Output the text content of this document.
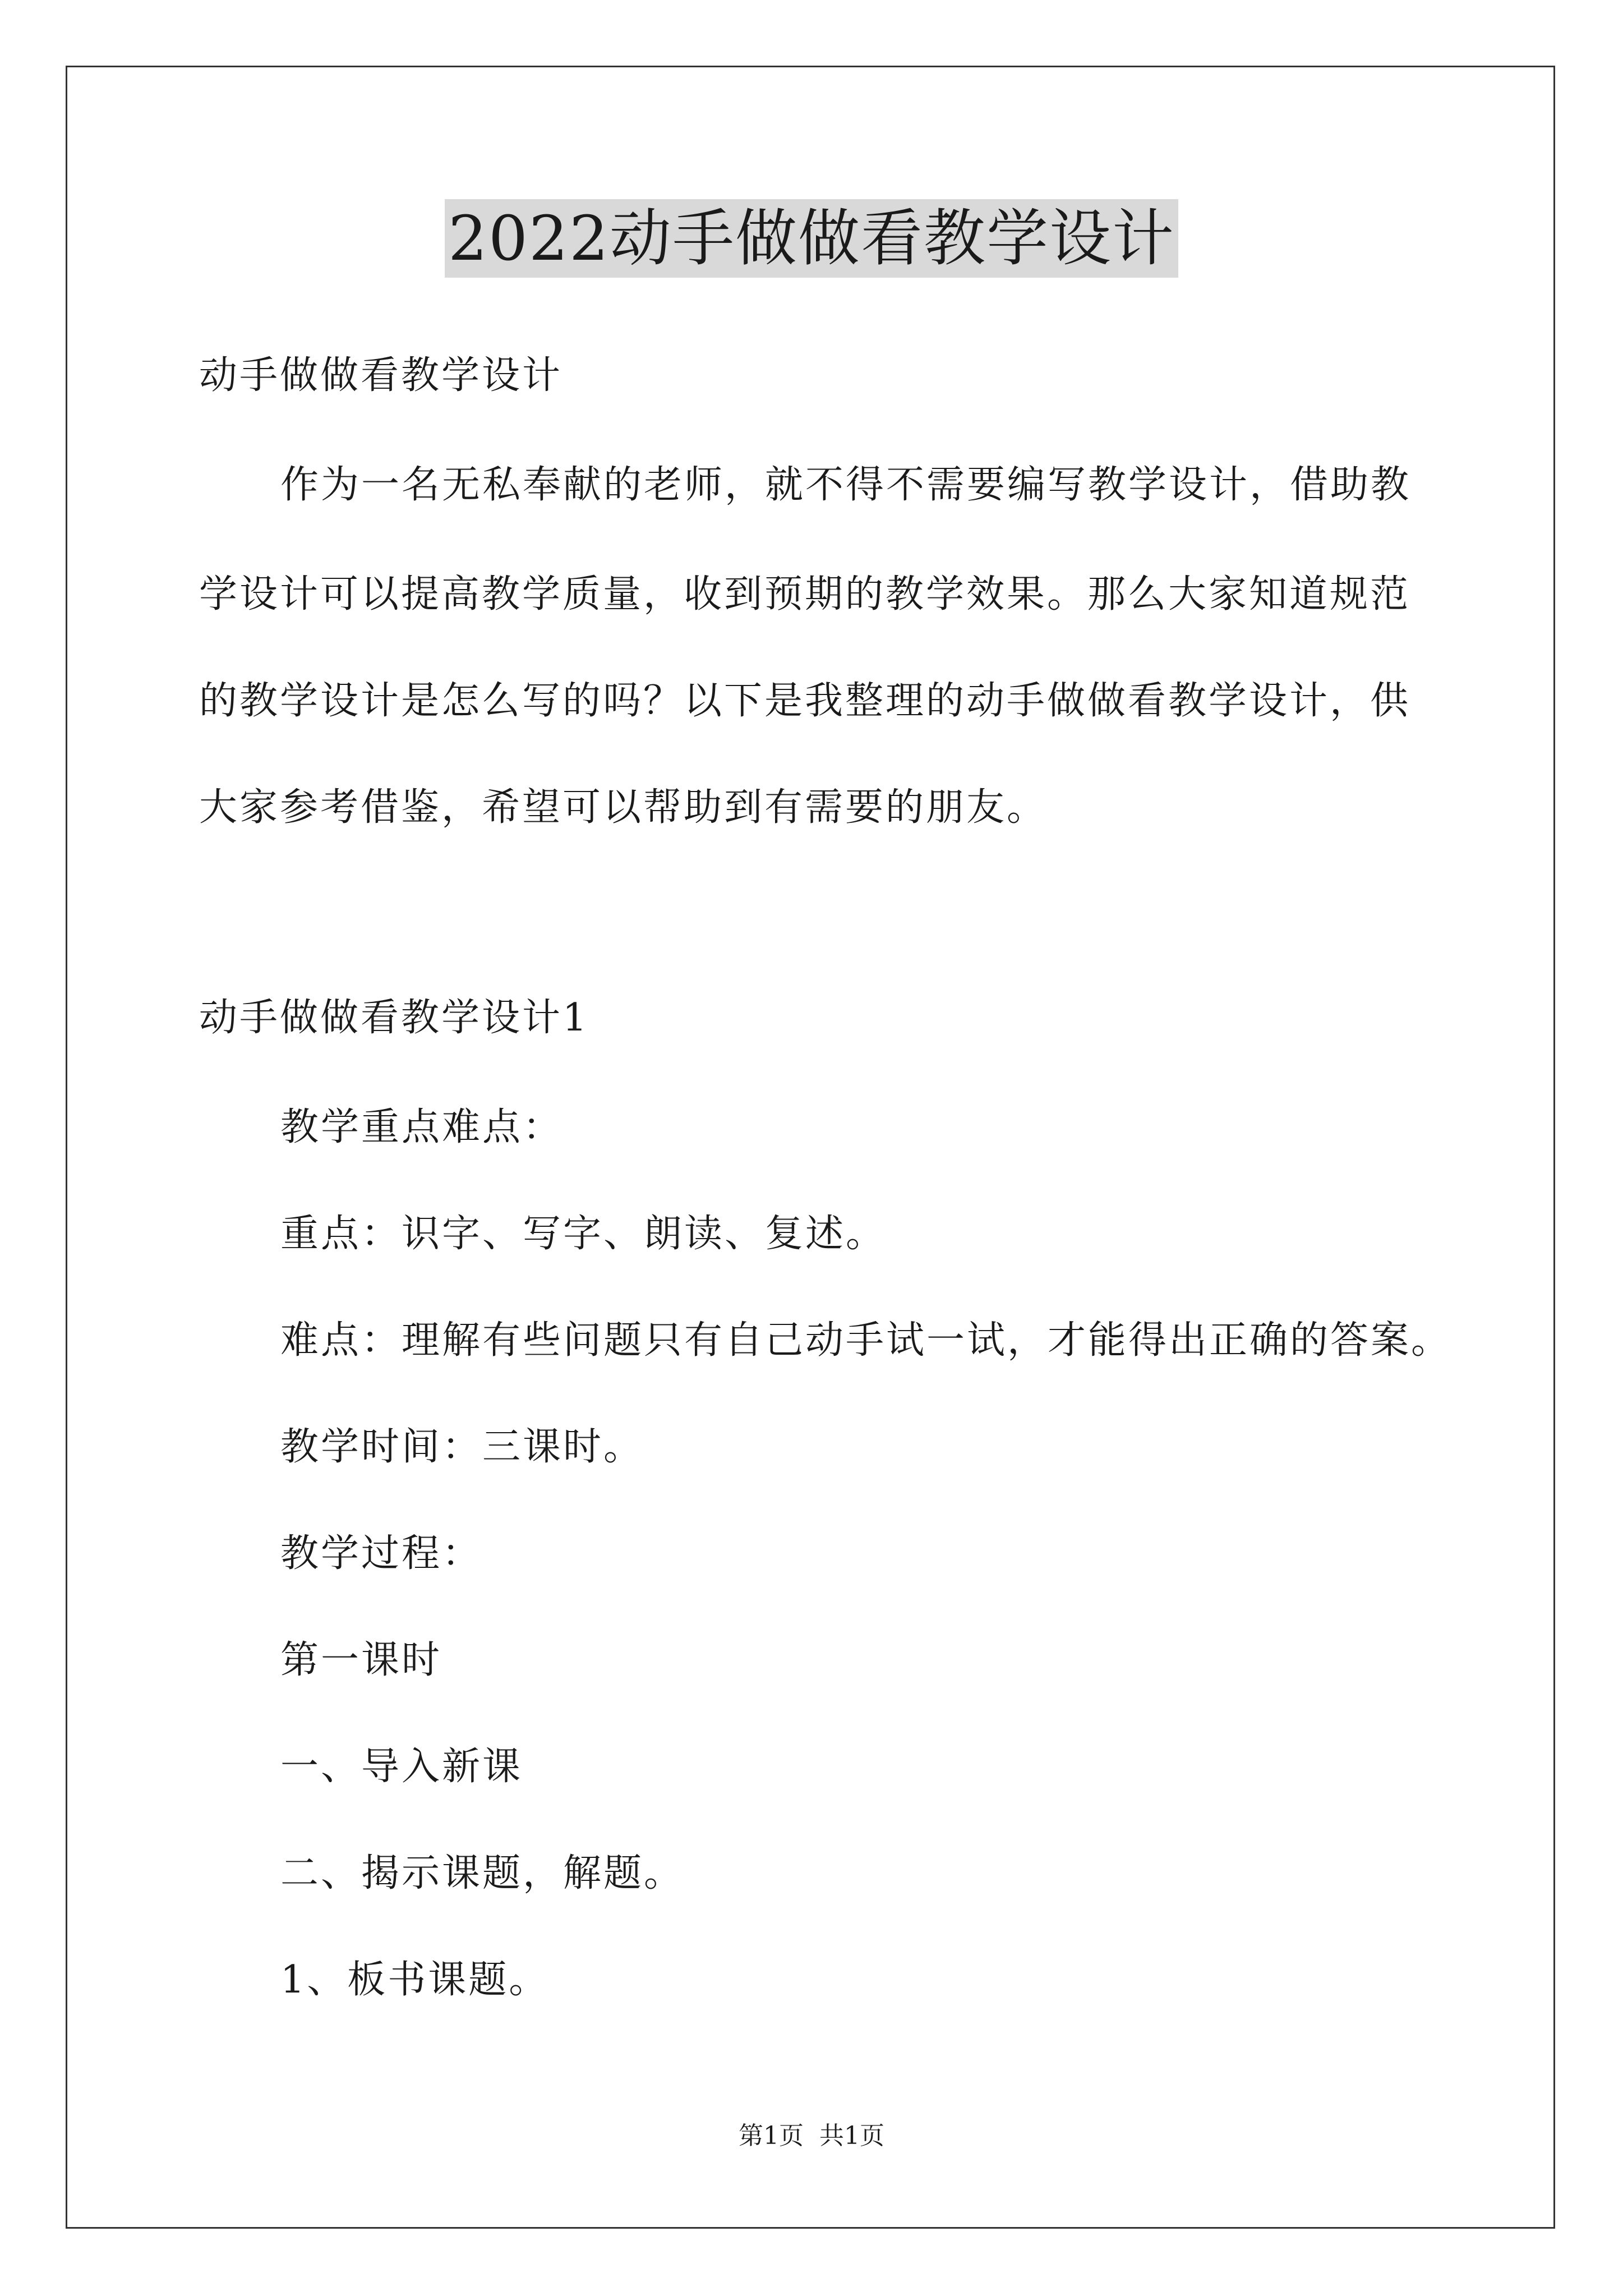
2022动手做做看教学设计
动手做做看教学设计
作为一名无私奉献的老师，就不得不需要编写教学设计，借助教
学设计可以提高教学质量，收到预期的教学效果。那么大家知道规范
的教学设计是怎么写的吗？以下是我整理的动手做做看教学设计，供
大家参考借鉴，希望可以帮助到有需要的朋友。
动手做做看教学设计1
教学重点难点：
重点：识字、写字、朗读、复述。
难点：理解有些问题只有自己动手试一试，才能得出正确的答案。
教学时间：三课时。
教学过程：
第一课时
一、导入新课
二、揭示课题，解题。
1、板书课题。
第1页 共1页
